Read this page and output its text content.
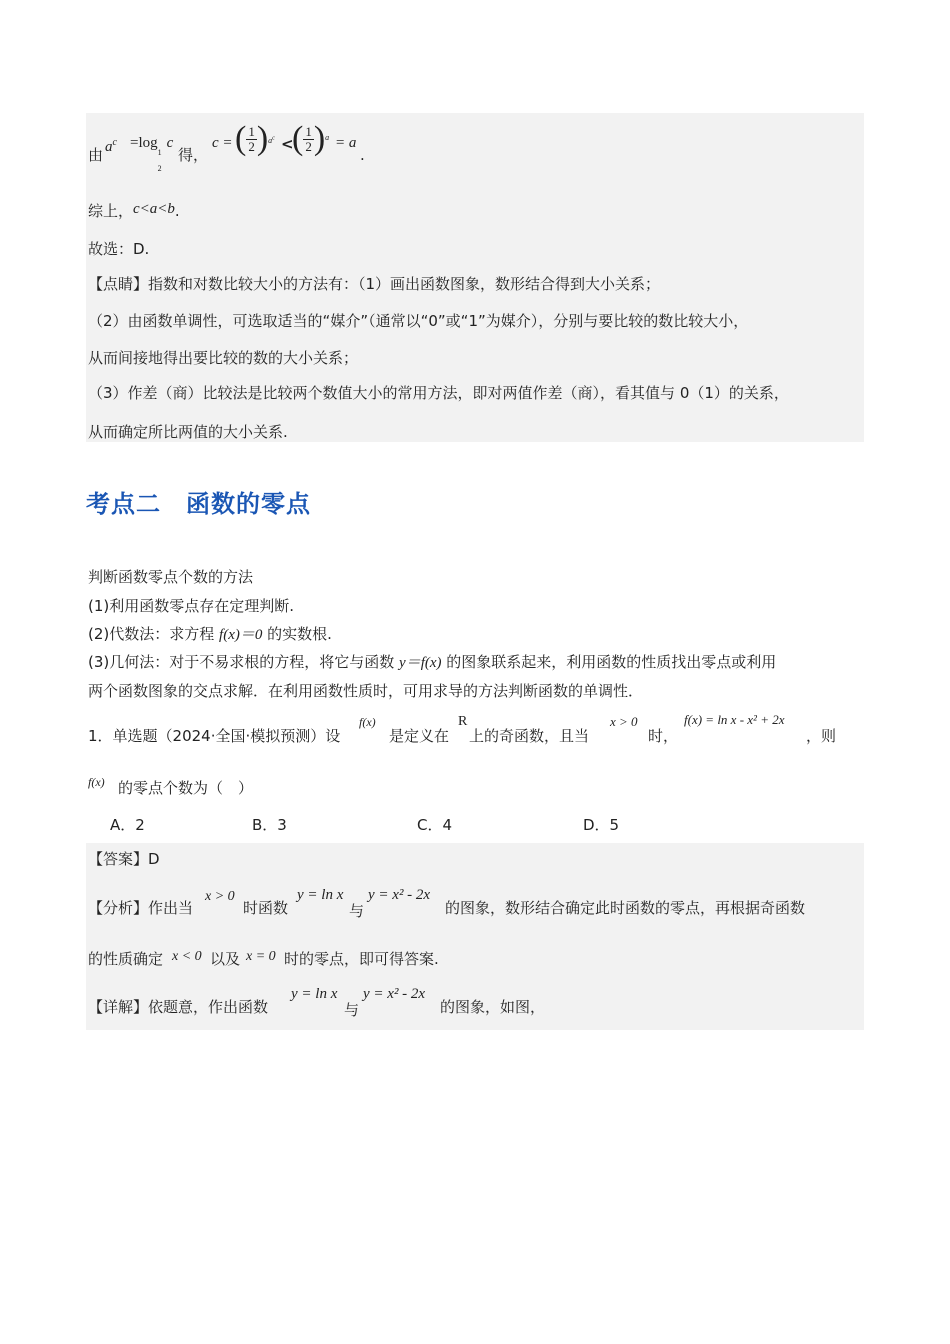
由 $a^c =\log$
$_{1 2}$
c
得，
c = ( $\frac{1}{2} )^{a^c}$ <
( $\frac{1}{2} )^a = a$
.
综上，c<a<b.
故选：D.
【点睛】指数和对数比较大小的方法有：（1）画出函数图象，数形结合得到大小关系；
（2）由函数单调性，可选取适当的“媒介”（通常以“0”或“1”为媒介），分别与要比较的数比较大小，
从而间接地得出要比较的数的大小关系；
（3）作差（商）比较法是比较两个数值大小的常用方法，即对两值作差（商），看其值与 0（1）的关系，
从而确定所比两值的大小关系.
考点二　函数的零点
判断函数零点个数的方法
(1)利用函数零点存在定理判断.
(2)代数法：求方程 f(x)＝0 的实数根.
(3)几何法：对于不易求根的方程，将它与函数 y＝f(x) 的图象联系起来，利用函数的性质找出零点或利用
两个函数图象的交点求解．在利用函数性质时，可用求导的方法判断函数的单调性．
1．单选题（2024·全国·模拟预测）设
f(x)
是定义在
R
上的奇函数，且当
x > 0
时，
f(x) = ln x - x² + 2x
，则
f(x) 的零点个数为（　）
A．2	B．3	C．4	D．5
【答案】D
【分析】作出当
x > 0
时函数
y = ln x
与
y = x² - 2x
的图象，数形结合确定此时函数的零点，再根据奇函数
的性质确定 x < 0 以及 x = 0 时的零点，即可得答案.
【详解】依题意，作出函数
y = ln x
与
y = x² - 2x
的图象，如图，
